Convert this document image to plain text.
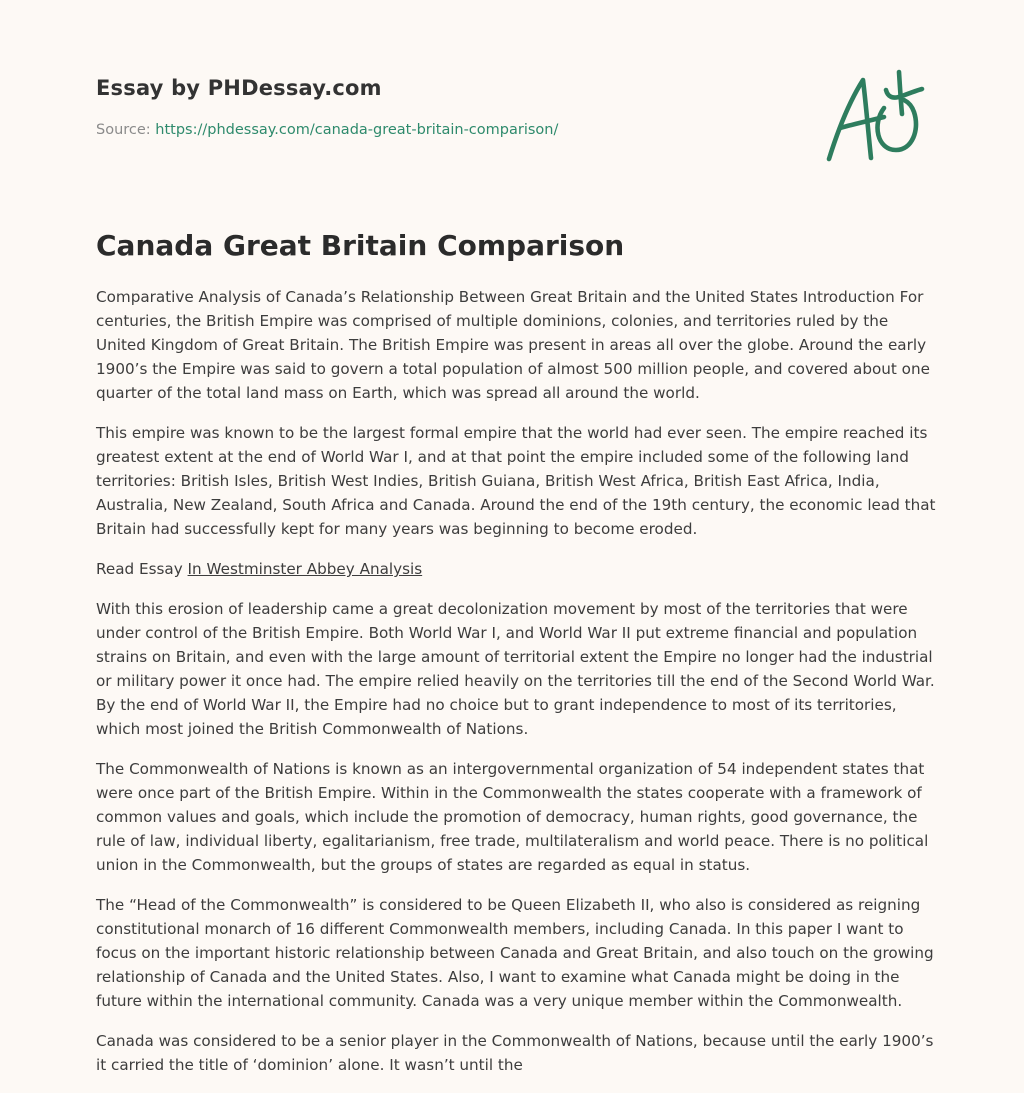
Essay by PHDessay.com
Source: https://phdessay.com/canada-great-britain-comparison/
Canada Great Britain Comparison

Comparative Analysis of Canada’s Relationship Between Great Britain and the United States Introduction For centuries, the British Empire was comprised of multiple dominions, colonies, and territories ruled by the United Kingdom of Great Britain. The British Empire was present in areas all over the globe. Around the early 1900’s the Empire was said to govern a total population of almost 500 million people, and covered about one quarter of the total land mass on Earth, which was spread all around the world.

This empire was known to be the largest formal empire that the world had ever seen. The empire reached its greatest extent at the end of World War I, and at that point the empire included some of the following land territories: British Isles, British West Indies, British Guiana, British West Africa, British East Africa, India, Australia, New Zealand, South Africa and Canada. Around the end of the 19th century, the economic lead that Britain had successfully kept for many years was beginning to become eroded.

Read Essay In Westminster Abbey Analysis

With this erosion of leadership came a great decolonization movement by most of the territories that were under control of the British Empire. Both World War I, and World War II put extreme financial and population strains on Britain, and even with the large amount of territorial extent the Empire no longer had the industrial or military power it once had. The empire relied heavily on the territories till the end of the Second World War. By the end of World War II, the Empire had no choice but to grant independence to most of its territories, which most joined the British Commonwealth of Nations.

The Commonwealth of Nations is known as an intergovernmental organization of 54 independent states that were once part of the British Empire. Within in the Commonwealth the states cooperate with a framework of common values and goals, which include the promotion of democracy, human rights, good governance, the rule of law, individual liberty, egalitarianism, free trade, multilateralism and world peace. There is no political union in the Commonwealth, but the groups of states are regarded as equal in status.

The “Head of the Commonwealth” is considered to be Queen Elizabeth II, who also is considered as reigning constitutional monarch of 16 different Commonwealth members, including Canada. In this paper I want to focus on the important historic relationship between Canada and Great Britain, and also touch on the growing relationship of Canada and the United States. Also, I want to examine what Canada might be doing in the future within the international community. Canada was a very unique member within the Commonwealth.

Canada was considered to be a senior player in the Commonwealth of Nations, because until the early 1900’s it carried the title of ‘dominion’ alone. It wasn’t until the
